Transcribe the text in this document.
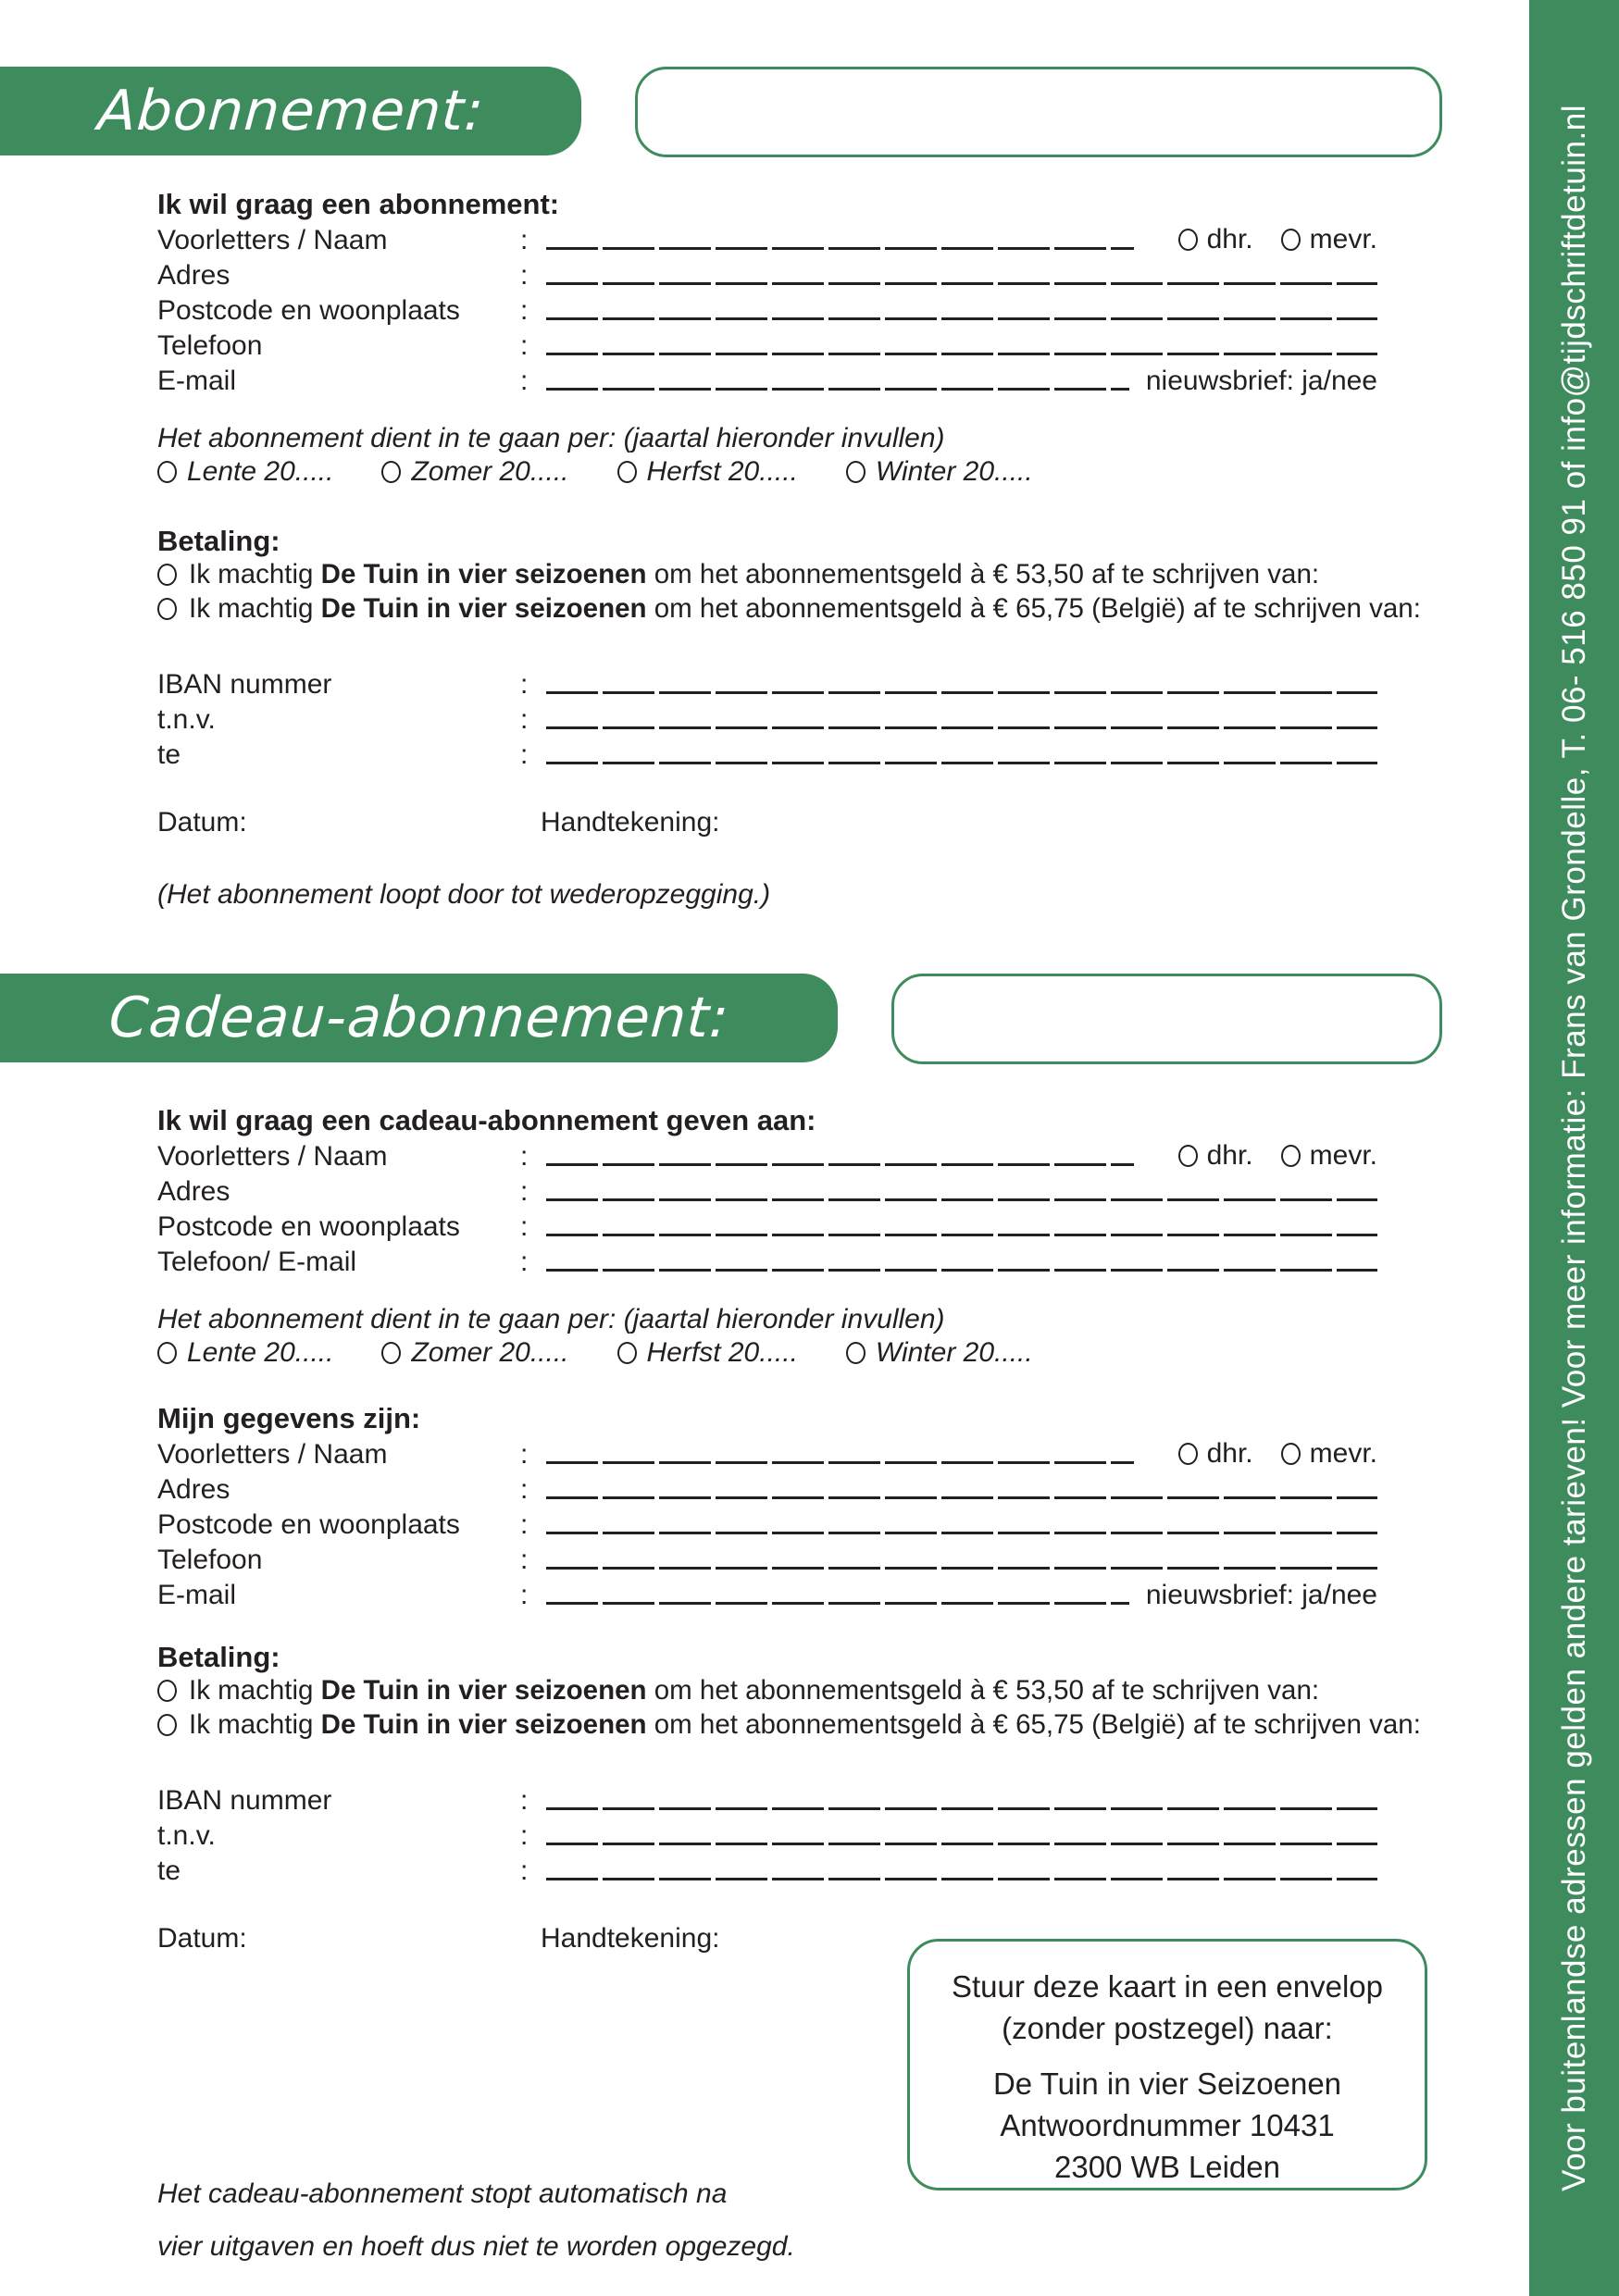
Abonnement:
Ik wil graag een abonnement:
Voorletters / Naam	:	dhr. mevr.
Adres	:
Postcode en woonplaats	:
Telefoon	:
E-mail	:	nieuwsbrief: ja/nee
Het abonnement dient in te gaan per: (jaartal hieronder invullen)
Lente 20.....	Zomer 20.....	Herfst 20.....	Winter 20.....
Betaling:
Ik machtig De Tuin in vier seizoenen om het abonnementsgeld à € 53,50 af te schrijven van:
Ik machtig De Tuin in vier seizoenen om het abonnementsgeld à € 65,75 (België) af te schrijven van:
IBAN nummer	:
t.n.v.	:
te	:
Datum:	Handtekening:
(Het abonnement loopt door tot wederopzegging.)
Cadeau-abonnement:
Ik wil graag een cadeau-abonnement geven aan:
Voorletters / Naam	:	dhr. mevr.
Adres	:
Postcode en woonplaats	:
Telefoon/ E-mail	:
Het abonnement dient in te gaan per: (jaartal hieronder invullen)
Lente 20.....	Zomer 20.....	Herfst 20.....	Winter 20.....
Mijn gegevens zijn:
Voorletters / Naam	:	dhr. mevr.
Adres	:
Postcode en woonplaats	:
Telefoon	:
E-mail	:	nieuwsbrief: ja/nee
Betaling:
Ik machtig De Tuin in vier seizoenen om het abonnementsgeld à € 53,50 af te schrijven van:
Ik machtig De Tuin in vier seizoenen om het abonnementsgeld à € 65,75 (België) af te schrijven van:
IBAN nummer	:
t.n.v.	:
te	:
Datum:	Handtekening:
Stuur deze kaart in een envelop
(zonder postzegel) naar:
De Tuin in vier Seizoenen
Antwoordnummer 10431
2300 WB Leiden
Het cadeau-abonnement stopt automatisch na
vier uitgaven en hoeft dus niet te worden opgezegd.
Voor buitenlandse adressen gelden andere tarieven! Voor meer informatie: Frans van Grondelle, T. 06- 516 850 91 of info@tijdschriftdetuin.nl
